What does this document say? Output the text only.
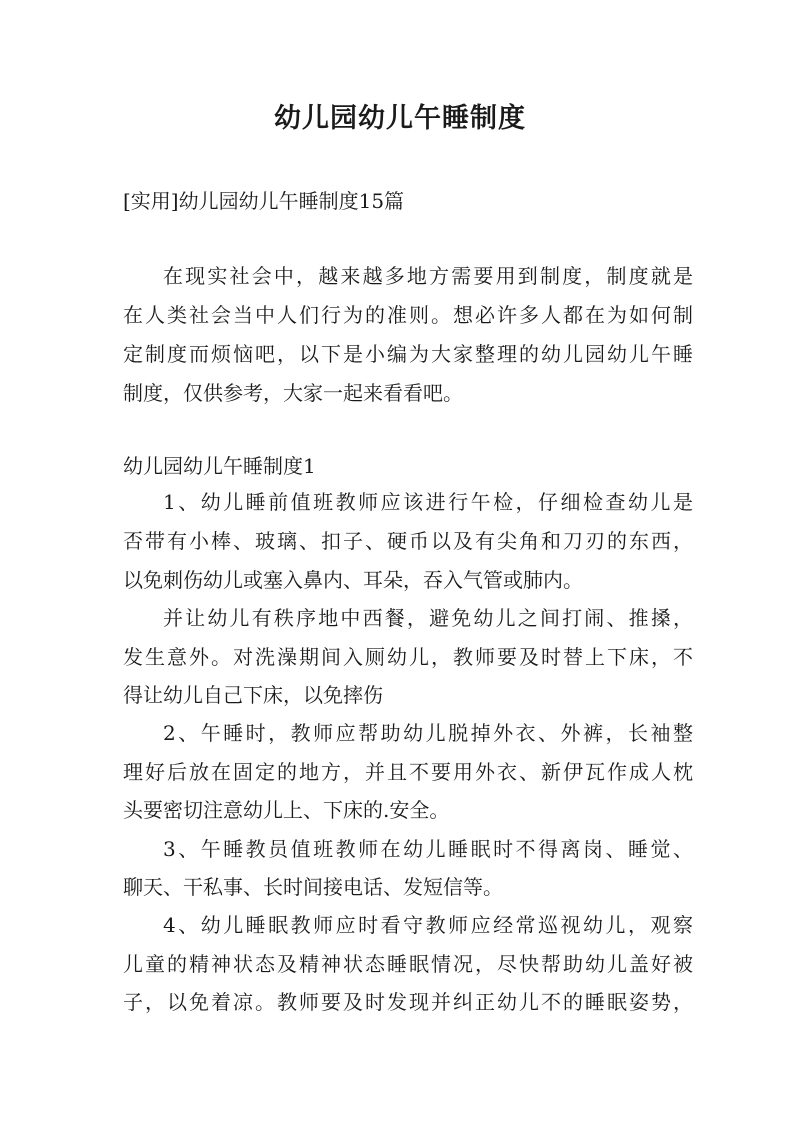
幼儿园幼儿午睡制度
[实用]幼儿园幼儿午睡制度15篇
在现实社会中，越来越多地方需要用到制度，制度就是
在人类社会当中人们行为的准则。想必许多人都在为如何制
定制度而烦恼吧，以下是小编为大家整理的幼儿园幼儿午睡
制度，仅供参考，大家一起来看看吧。
幼儿园幼儿午睡制度1
1、幼儿睡前值班教师应该进行午检，仔细检查幼儿是
否带有小棒、玻璃、扣子、硬币以及有尖角和刀刃的东西，
以免刺伤幼儿或塞入鼻内、耳朵，吞入气管或肺内。
并让幼儿有秩序地中西餐，避免幼儿之间打闹、推搡，
发生意外。对洗澡期间入厕幼儿，教师要及时替上下床，不
得让幼儿自己下床，以免摔伤
2、午睡时，教师应帮助幼儿脱掉外衣、外裤，长袖整
理好后放在固定的地方，并且不要用外衣、新伊瓦作成人枕
头要密切注意幼儿上、下床的.安全。
3、午睡教员值班教师在幼儿睡眠时不得离岗、睡觉、
聊天、干私事、长时间接电话、发短信等。
4、幼儿睡眠教师应时看守教师应经常巡视幼儿，观察
儿童的精神状态及精神状态睡眠情况，尽快帮助幼儿盖好被
子，以免着凉。教师要及时发现并纠正幼儿不的睡眠姿势，
